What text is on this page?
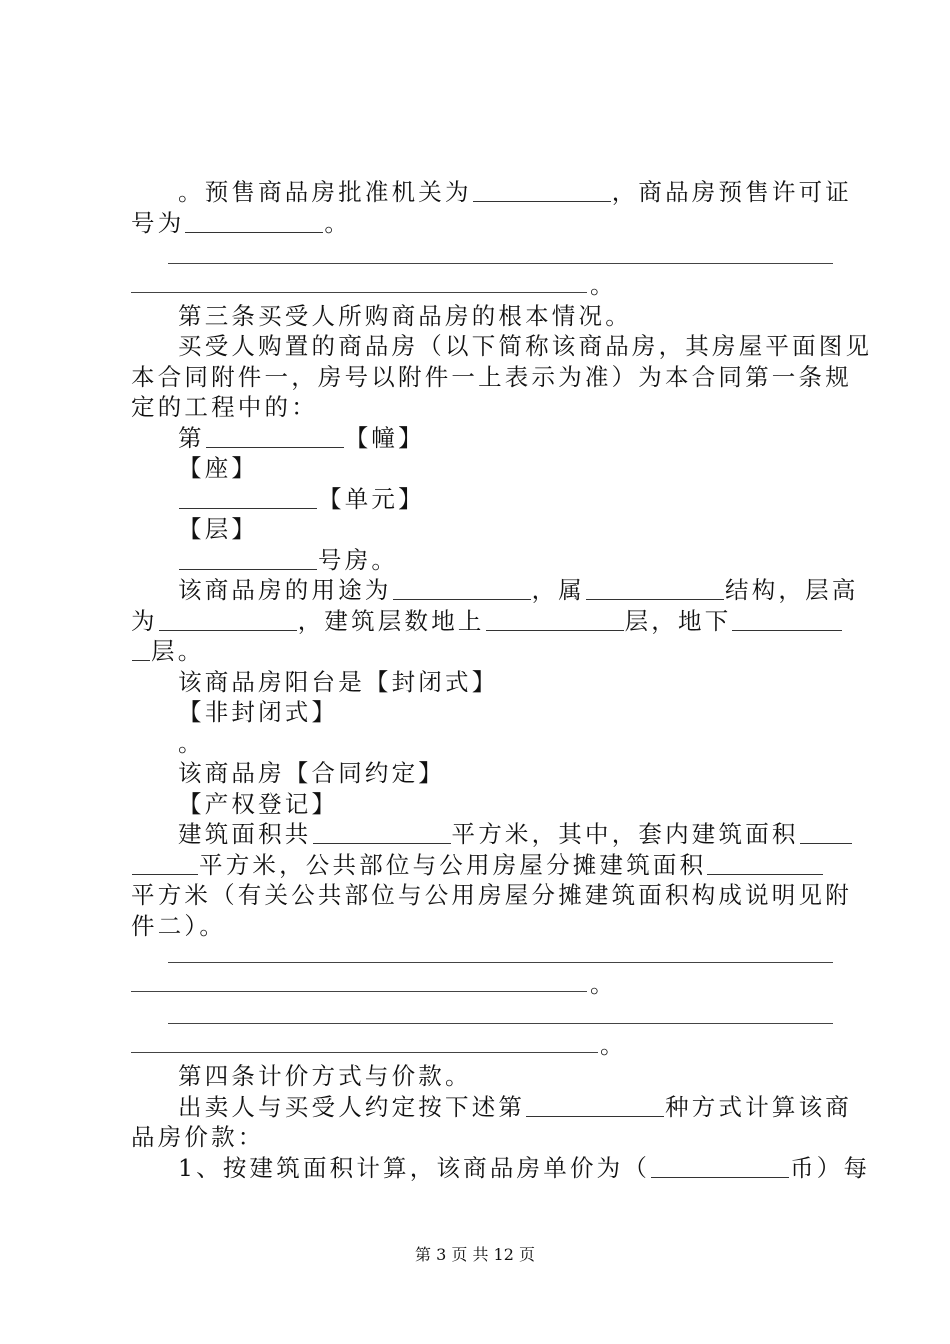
。预售商品房批准机关为	，商品房预售许可证
号为	。
。
第三条买受人所购商品房的根本情况。
买受人购置的商品房（以下简称该商品房，其房屋平面图见
本合同附件一，房号以附件一上表示为准）为本合同第一条规
定的工程中的：
第	【幢】
【座】
【单元】
【层】
号房。
该商品房的用途为	，属	结构，层高
为	，建筑层数地上	层，地下
层。
该商品房阳台是【封闭式】
【非封闭式】
。
该商品房【合同约定】
【产权登记】
建筑面积共	平方米，其中，套内建筑面积
平方米，公共部位与公用房屋分摊建筑面积
平方米（有关公共部位与公用房屋分摊建筑面积构成说明见附
件二）。
。
。
第四条计价方式与价款。
出卖人与买受人约定按下述第	种方式计算该商
品房价款：
1、按建筑面积计算，该商品房单价为（	币）每
第 3 页 共 12 页
